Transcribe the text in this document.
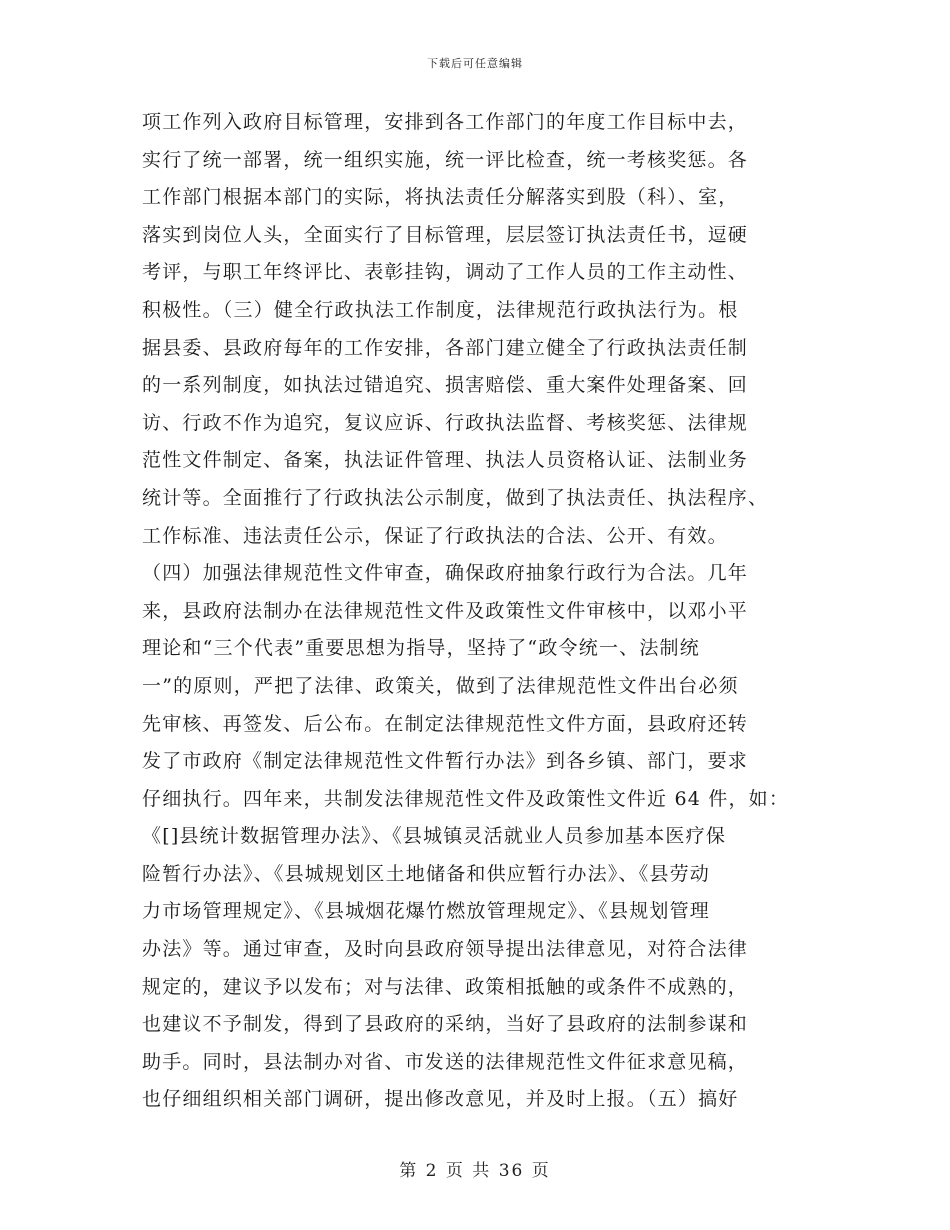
下载后可任意编辑
项工作列入政府目标管理，安排到各工作部门的年度工作目标中去，
实行了统一部署，统一组织实施，统一评比检查，统一考核奖惩。各
工作部门根据本部门的实际，将执法责任分解落实到股（科）、室，
落实到岗位人头，全面实行了目标管理，层层签订执法责任书，逗硬
考评，与职工年终评比、表彰挂钩，调动了工作人员的工作主动性、
积极性。（三）健全行政执法工作制度，法律规范行政执法行为。根
据县委、县政府每年的工作安排，各部门建立健全了行政执法责任制
的一系列制度，如执法过错追究、损害赔偿、重大案件处理备案、回
访、行政不作为追究，复议应诉、行政执法监督、考核奖惩、法律规
范性文件制定、备案，执法证件管理、执法人员资格认证、法制业务
统计等。全面推行了行政执法公示制度，做到了执法责任、执法程序、
工作标准、违法责任公示，保证了行政执法的合法、公开、有效。
（四）加强法律规范性文件审查，确保政府抽象行政行为合法。几年
来，县政府法制办在法律规范性文件及政策性文件审核中，以邓小平
理论和“三个代表”重要思想为指导，坚持了“政令统一、法制统
一”的原则，严把了法律、政策关，做到了法律规范性文件出台必须
先审核、再签发、后公布。在制定法律规范性文件方面，县政府还转
发了市政府《制定法律规范性文件暂行办法》到各乡镇、部门，要求
仔细执行。四年来，共制发法律规范性文件及政策性文件近 64 件，如：
《[]县统计数据管理办法》、《县城镇灵活就业人员参加基本医疗保
险暂行办法》、《县城规划区土地储备和供应暂行办法》、《县劳动
力市场管理规定》、《县城烟花爆竹燃放管理规定》、《县规划管理
办法》等。通过审查，及时向县政府领导提出法律意见，对符合法律
规定的，建议予以发布；对与法律、政策相抵触的或条件不成熟的，
也建议不予制发，得到了县政府的采纳，当好了县政府的法制参谋和
助手。同时，县法制办对省、市发送的法律规范性文件征求意见稿，
也仔细组织相关部门调研，提出修改意见，并及时上报。（五）搞好
第 2 页 共 36 页
